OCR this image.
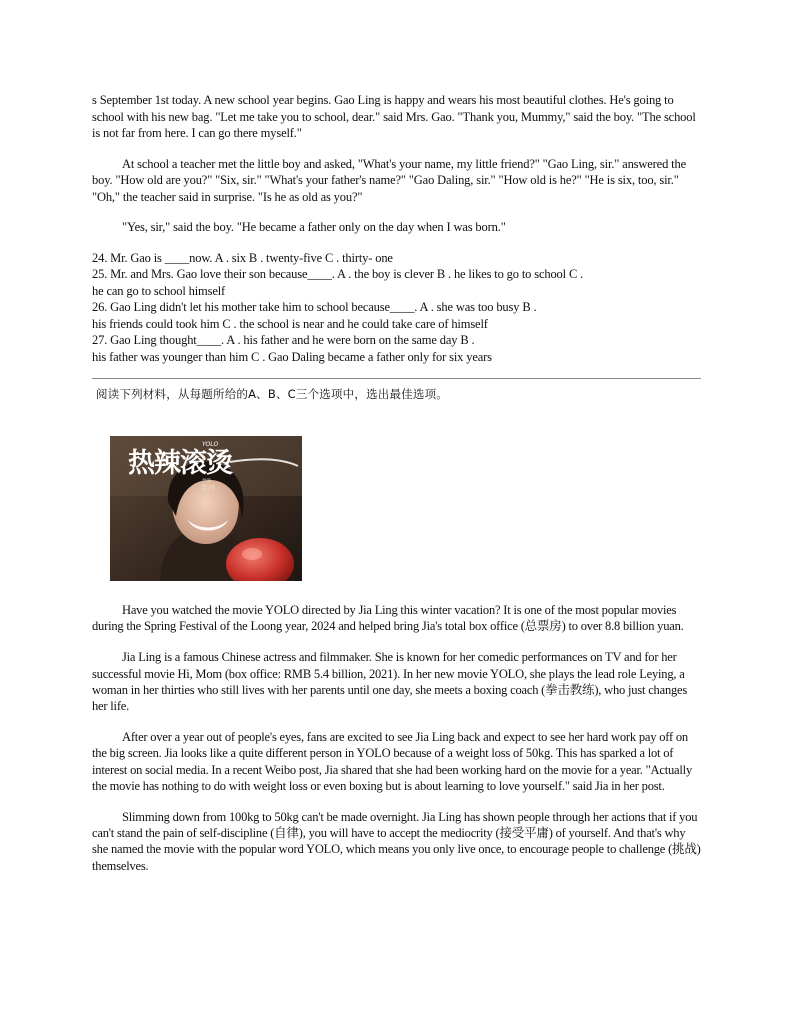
s September 1st today. A new school year begins. Gao Ling is happy and wears his most beautiful clothes. He's going to school with his new bag. "Let me take you to school, dear." said Mrs. Gao. "Thank you, Mummy," said the boy. "The school is not far from here. I can go there myself."

At school a teacher met the little boy and asked, "What's your name, my little friend?" "Gao Ling, sir." answered the boy. "How old are you?" "Six, sir." "What's your father's name?" "Gao Daling, sir." "How old is he?" "He is six, too, sir." "Oh," the teacher said in surprise. "Is he as old as you?"

"Yes, sir," said the boy. "He became a father only on the day when I was born."

24. Mr. Gao is ____now. A . six B . twenty-five C . thirty- one

25. Mr. and Mrs. Gao love their son because____. A . the boy is clever B . he likes to go to school C .

he can go to school himself

26. Gao Ling didn't let his mother take him to school because____. A . she was too busy B .

his friends could took him C . the school is near and he could take care of himself

27. Gao Ling thought____. A . his father and he were born on the same day B .

his father was younger than him C . Gao Daling became a father only for six years

阅读下列材料，从每题所给的A、B、C三个选项中，选出最佳选项。
热辣滚烫
YOLO
导演
贾玲

Have you watched the movie YOLO directed by Jia Ling this winter vacation? It is one of the most popular movies during the Spring Festival of the Loong year, 2024 and helped bring Jia's total box office (总票房) to over 8.8 billion yuan.

Jia Ling is a famous Chinese actress and filmmaker. She is known for her comedic performances on TV and for her successful movie Hi, Mom (box office: RMB 5.4 billion, 2021). In her new movie YOLO, she plays the lead role Leying, a woman in her thirties who still lives with her parents until one day, she meets a boxing coach (拳击教练), who just changes her life.

After over a year out of people's eyes, fans are excited to see Jia Ling back and expect to see her hard work pay off on the big screen. Jia looks like a quite different person in YOLO because of a weight loss of 50kg. This has sparked a lot of interest on social media. In a recent Weibo post, Jia shared that she had been working hard on the movie for a year. "Actually the movie has nothing to do with weight loss or even boxing but is about learning to love yourself." said Jia in her post.

Slimming down from 100kg to 50kg can't be made overnight. Jia Ling has shown people through her actions that if you can't stand the pain of self-discipline (自律), you will have to accept the mediocrity (接受平庸) of yourself. And that's why she named the movie with the popular word YOLO, which means you only live once, to encourage people to challenge (挑战) themselves.
